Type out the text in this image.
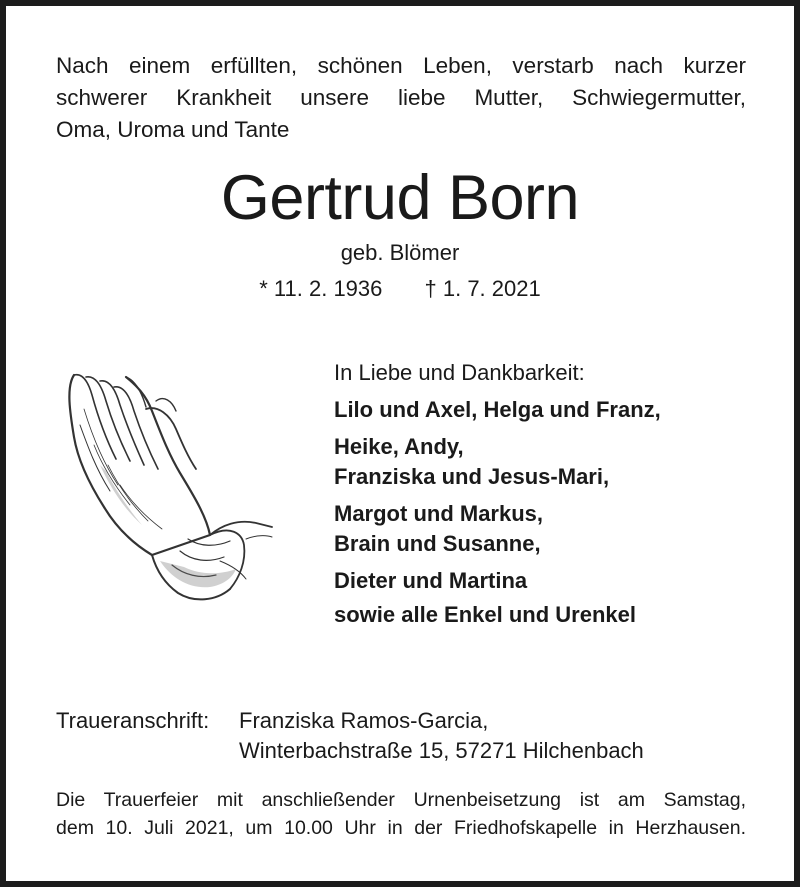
Nach einem erfüllten, schönen Leben, verstarb nach kurzer
schwerer Krankheit unsere liebe Mutter, Schwiegermutter,
Oma, Uroma und Tante

Gertrud Born
geb. Blömer
* 11. 2. 1936 † 1. 7. 2021
In Liebe und Dankbarkeit:
Lilo und Axel, Helga und Franz,
Heike, Andy,
Franziska und Jesus-Mari,
Margot und Markus,
Brain und Susanne,
Dieter und Martina
sowie alle Enkel und Urenkel
Traueranschrift: Franziska Ramos-Garcia,
Winterbachstraße 15, 57271 Hilchenbach

Die Trauerfeier mit anschließender Urnenbeisetzung ist am Samstag,
dem 10. Juli 2021, um 10.00 Uhr in der Friedhofskapelle in Herzhausen.
